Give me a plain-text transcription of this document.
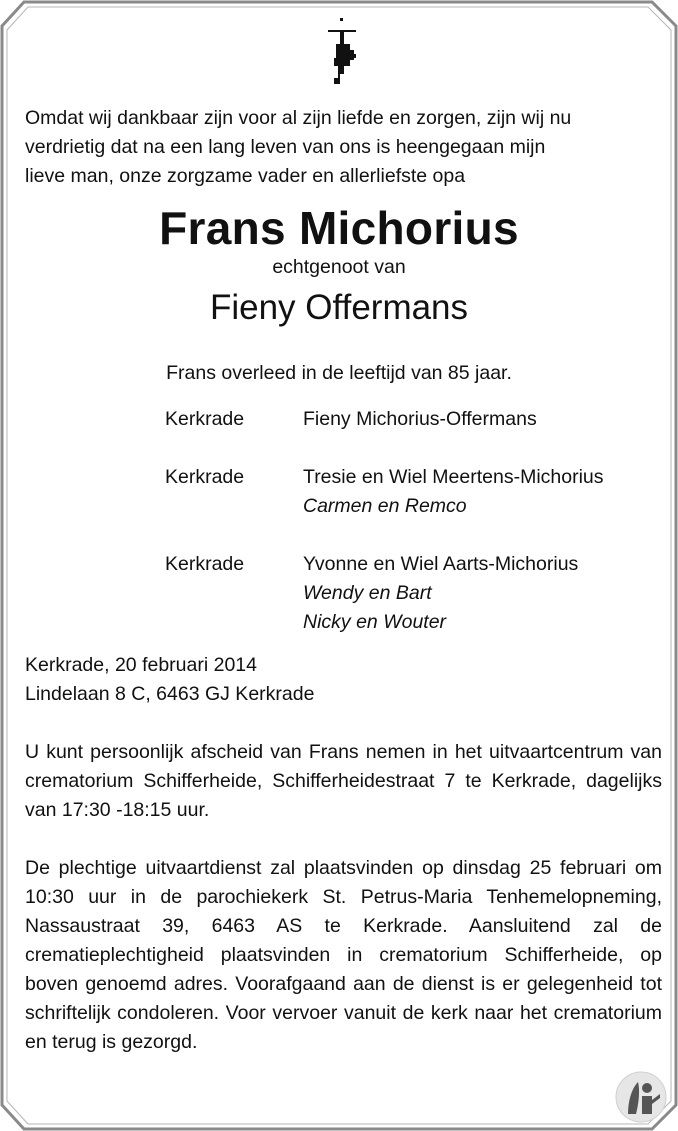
Omdat wij dankbaar zijn voor al zijn liefde en zorgen, zijn wij nu
verdrietig dat na een lang leven van ons is heengegaan mijn
lieve man, onze zorgzame vader en allerliefste opa
Frans Michorius
echtgenoot van
Fieny Offermans
Frans overleed in de leeftijd van 85 jaar.
Kerkrade	Fieny Michorius-Offermans
Kerkrade	Tresie en Wiel Meertens-Michorius
Carmen en Remco
Kerkrade	Yvonne en Wiel Aarts-Michorius
Wendy en Bart
Nicky en Wouter
Kerkrade, 20 februari 2014
Lindelaan 8 C, 6463 GJ Kerkrade
U kunt persoonlijk afscheid van Frans nemen in het uitvaartcentrum van crematorium Schifferheide, Schifferheidestraat 7 te Kerkrade, dagelijks van 17:30 -18:15 uur.
De plechtige uitvaartdienst zal plaatsvinden op dinsdag 25 februari om 10:30 uur in de parochiekerk St. Petrus-Maria Tenhemelopneming, Nassaustraat 39, 6463 AS te Kerkrade. Aansluitend zal de crematieplechtigheid plaatsvinden in crematorium Schifferheide, op boven genoemd adres. Voorafgaand aan de dienst is er gelegenheid tot schriftelijk condoleren. Voor vervoer vanuit de kerk naar het crematorium en terug is gezorgd.
